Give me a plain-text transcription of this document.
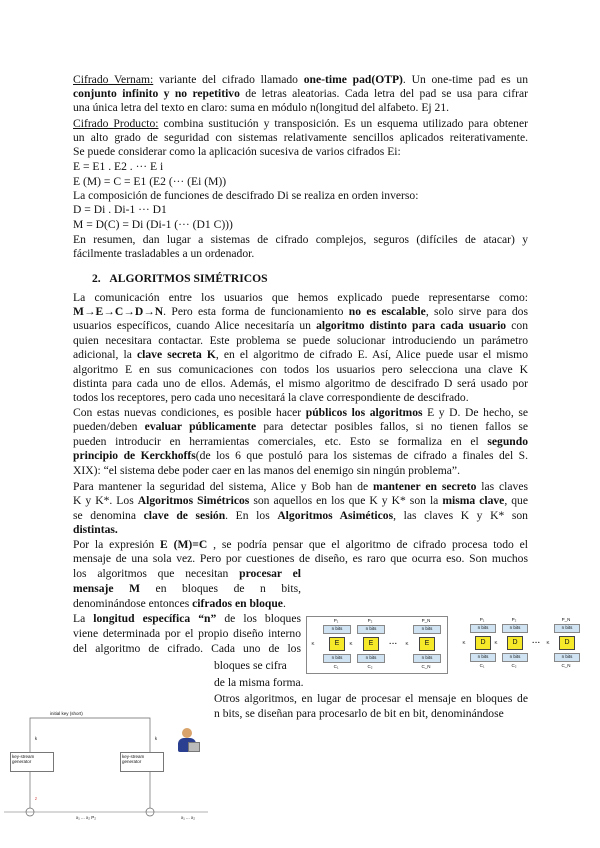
Cifrado Vernam: variante del cifrado llamado one-time pad(OTP). Un one-time pad es un
conjunto infinito y no repetitivo de letras aleatorias. Cada letra del pad se usa para cifrar
una única letra del texto en claro: suma en módulo n(longitud del alfabeto. Ej 21.
Cifrado Producto: combina sustitución y transposición. Es un esquema utilizado para obtener
un alto grado de seguridad con sistemas relativamente sencillos aplicados reiterativamente.
Se puede considerar como la aplicación sucesiva de varios cifrados Ei:
E = E1 . E2 . ··· E i
E (M) = C = E1 (E2 (··· (Ei (M))
La composición de funciones de descifrado Di se realiza en orden inverso:
D = Di . Di-1 ··· D1
M = D(C) = Di (Di-1 (··· (D1 C)))
En resumen, dan lugar a sistemas de cifrado complejos, seguros (difíciles de atacar) y
fácilmente trasladables a un ordenador.
2. ALGORITMOS SIMÉTRICOS
La comunicación entre los usuarios que hemos explicado puede representarse como:
M→E→C→D→N. Pero esta forma de funcionamiento no es escalable, solo sirve para dos
usuarios específicos, cuando Alice necesitaría un algoritmo distinto para cada usuario con
quien necesitara contactar. Este problema se puede solucionar introduciendo un parámetro
adicional, la clave secreta K, en el algoritmo de cifrado E. Así, Alice puede usar el mismo
algoritmo E en sus comunicaciones con todos los usuarios pero selecciona una clave K
distinta para cada uno de ellos. Además, el mismo algoritmo de descifrado D será usado por
todos los receptores, pero cada uno necesitará la clave correspondiente de descifrado.
Con estas nuevas condiciones, es posible hacer públicos los algoritmos E y D. De hecho, se
pueden/deben evaluar públicamente para detectar posibles fallos, si no tienen fallos se
pueden introducir en herramientas comerciales, etc. Esto se formaliza en el segundo
principio de Kerckhoffs(de los 6 que postuló para los sistemas de cifrado a finales del S.
XIX): “el sistema debe poder caer en las manos del enemigo sin ningún problema”.
Para mantener la seguridad del sistema, Alice y Bob han de mantener en secreto las claves
K y K*. Los Algoritmos Simétricos son aquellos en los que K y K* son la misma clave, que
se denomina clave de sesión. En los Algoritmos Asiméticos, las claves K y K* son
distintas.
Por la expresión E (M)=C , se podría pensar que el algoritmo de cifrado procesa todo el
mensaje de una sola vez. Pero por cuestiones de diseño, es raro que ocurra eso. Son muchos
los algoritmos que necesitan procesar el
mensaje M en bloques de n bits,
denominándose entonces cifrados en bloque.
La longitud específica “n” de los bloques
viene determinada por el propio diseño interno
del algoritmo de cifrado. Cada uno de los
bloques se cifra
de la misma forma.
Otros algoritmos, en lugar de procesar el mensaje en bloques de
n bits, se diseñan para procesarlo de bit en bit, denominándose
P₁	P₂	P_N
n bits	n bits	n bits
K	E	K	E	• • •	K	E
n bits	n bits	n bits
C₁	C₂	C_N
P₁	P₂	P_N
n bits	n bits	n bits
K	D	K	D	• • •	K	D
n bits	n bits	n bits
C₁	C₂	C_N
initial key (short)
k	k
key-stream generator
key-stream generator
z
x₁ ... x₂ P₂	x₁ ... x₂
